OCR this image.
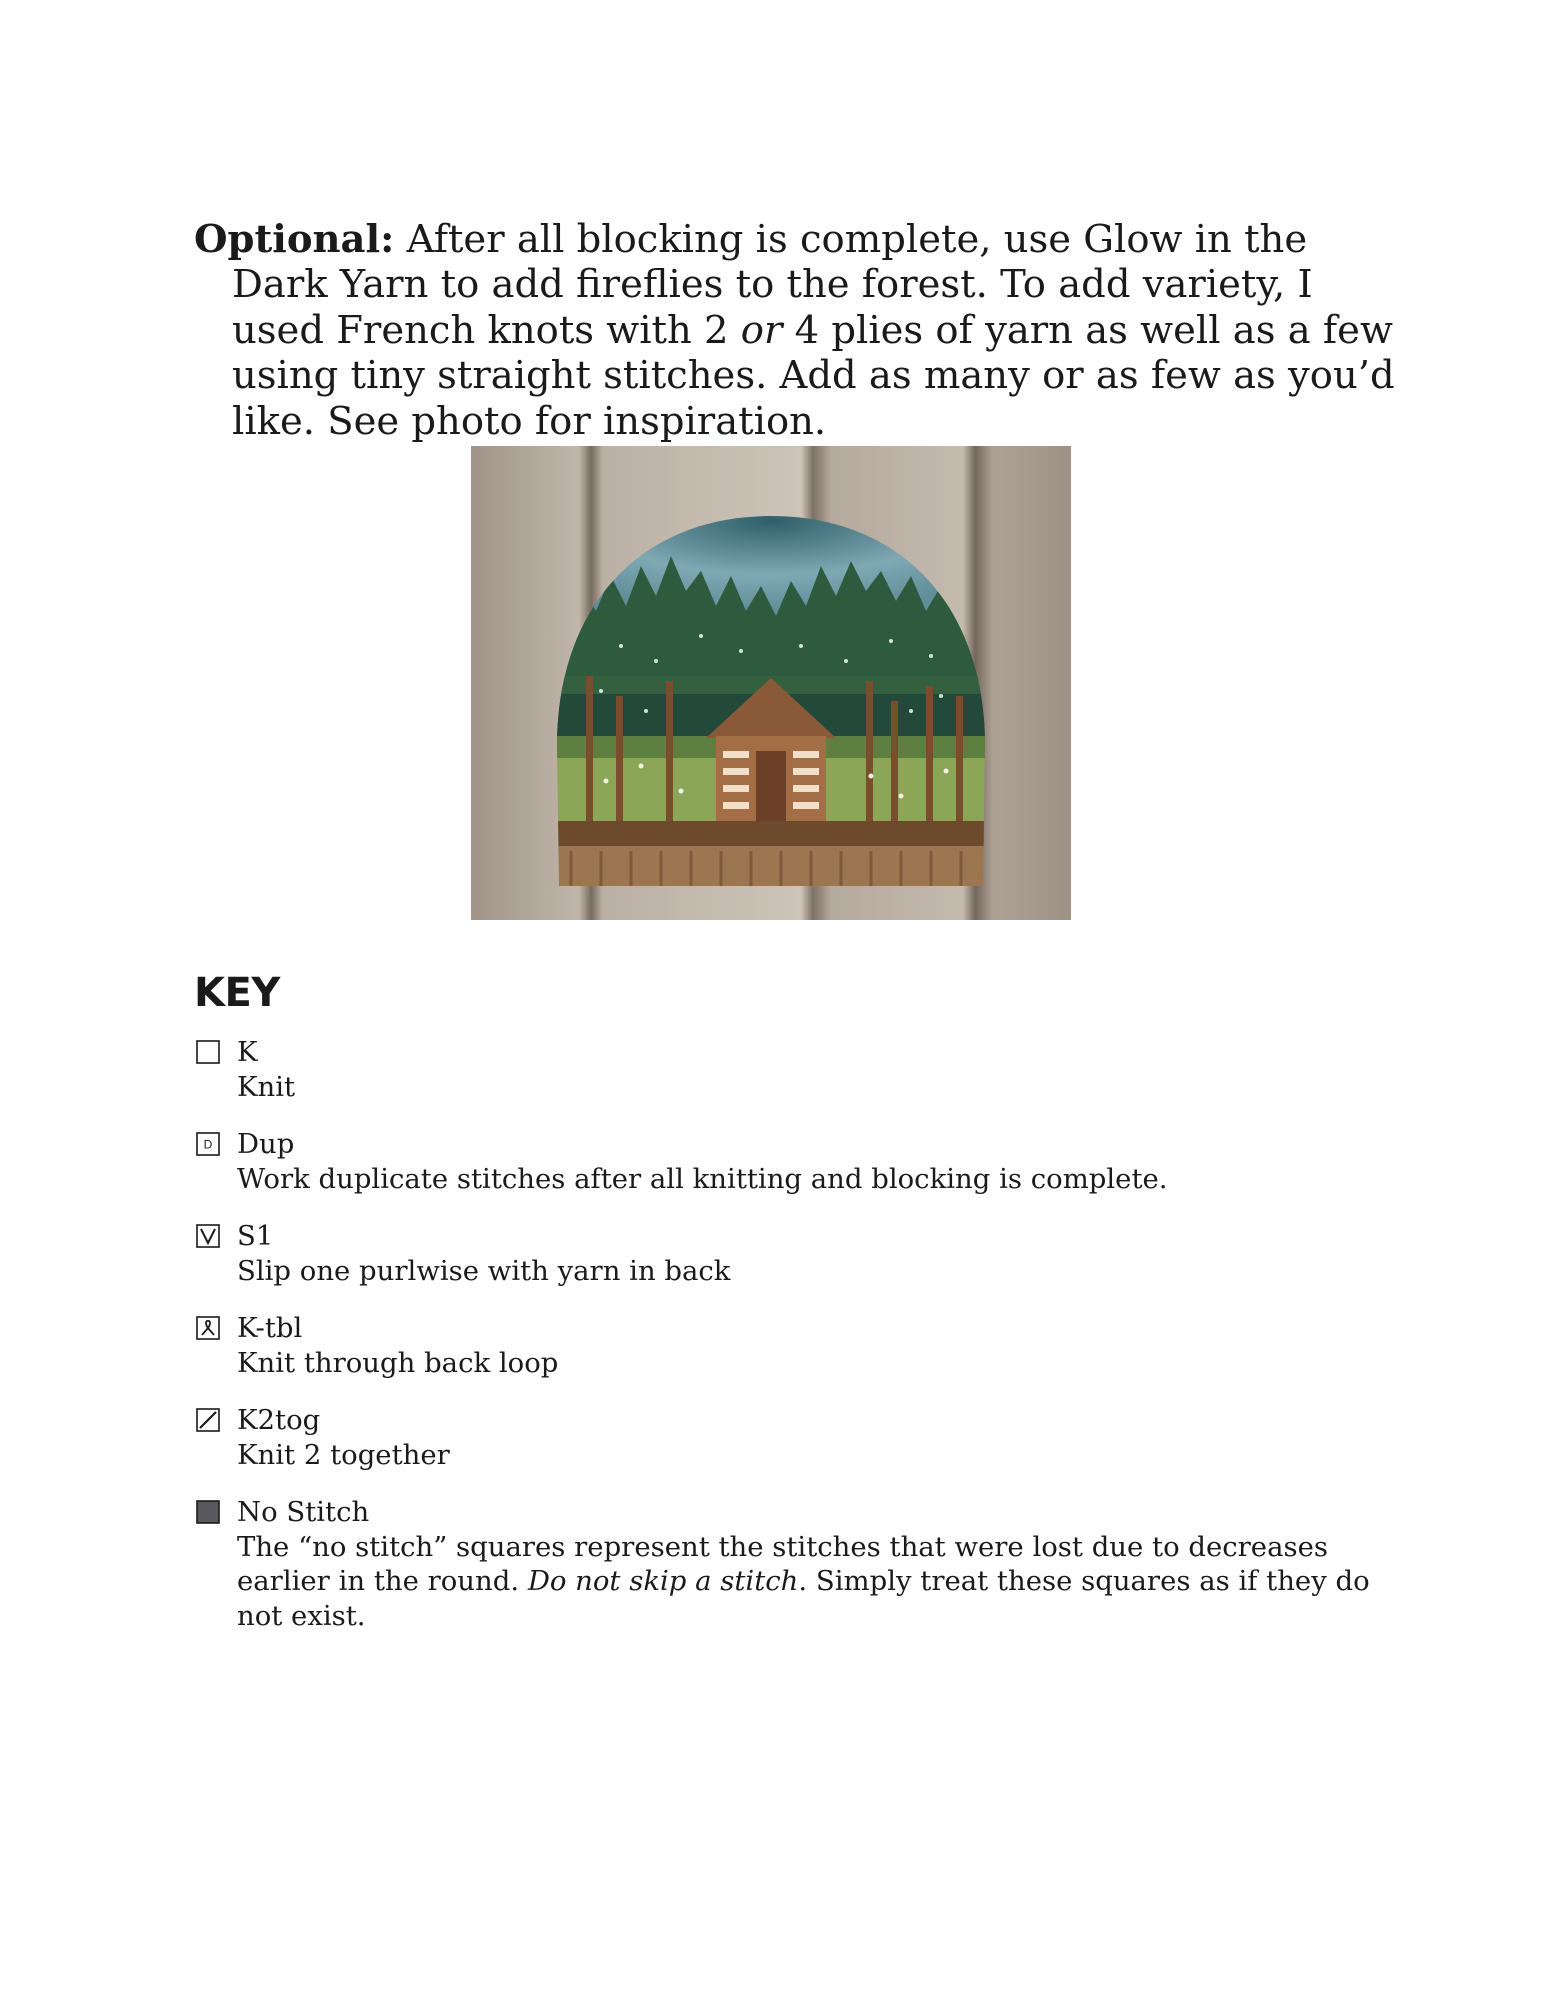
Optional: After all blocking is complete, use Glow in the Dark Yarn to add fireflies to the forest. To add variety, I used French knots with 2 or 4 plies of yarn as well as a few using tiny straight stitches. Add as many or as few as you’d like. See photo for inspiration.

KEY
K
Knit
D Dup
Work duplicate stitches after all knitting and blocking is complete.
S1
Slip one purlwise with yarn in back
K-tbl
Knit through back loop
K2tog
Knit 2 together
No Stitch
The “no stitch” squares represent the stitches that were lost due to decreases earlier in the round. Do not skip a stitch. Simply treat these squares as if they do not exist.
